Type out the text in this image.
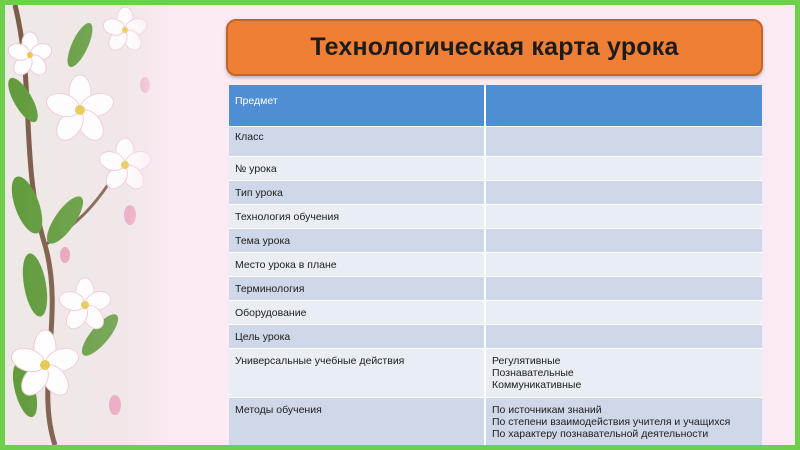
Технологическая карта урока
Предмет	
Класс	
№ урока	
Тип урока	
Технология обучения	
Тема урока	
Место урока в плане	
Терминология	
Оборудование	
Цель урока	
Универсальные учебные действия	Регулятивные
Познавательные
Коммуникативные

Методы обучения	По источникам знаний
По степени взаимодействия учителя и учащихся
По характеру познавательной деятельности
